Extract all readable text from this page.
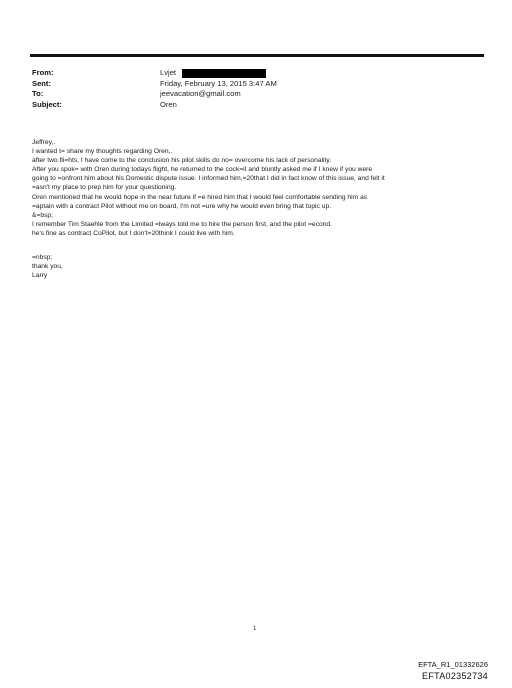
From:	Lvjet
Sent:	Friday, February 13, 2015 3:47 AM
To:	jeevacation@gmail.com
Subject:	Oren
Jeffrey,.
I wanted t= share my thoughts regarding Oren,.
after two fli=hts, I have come to the conclusion his pilot skills do no= overcome his lack of personality.
After you spok= with Oren during todays flight, he returned to the cock=it and bluntly asked me if I knew if you were
going to =onfront him about his Domestic dispute issue. I informed him,=20that I did in fact know of this issue, and felt it
=asn't my place to prep him for your questioning.
Oren mentioned that he would hope in the near future if =e hired him that I would feel comfortable sending him as
=aptain with a contract Pilot without me on board, I'm not =ure why he would even bring that topic up.
&=bsp;
I remember Tim Staehle from the Limited =lways told me to hire the person first, and the pilot =econd.
he's fine as contract CoPilot, but I don't=20think I could live with him.
=nbsp;
thank you,
Larry
1
EFTA_R1_01332626
EFTA02352734
